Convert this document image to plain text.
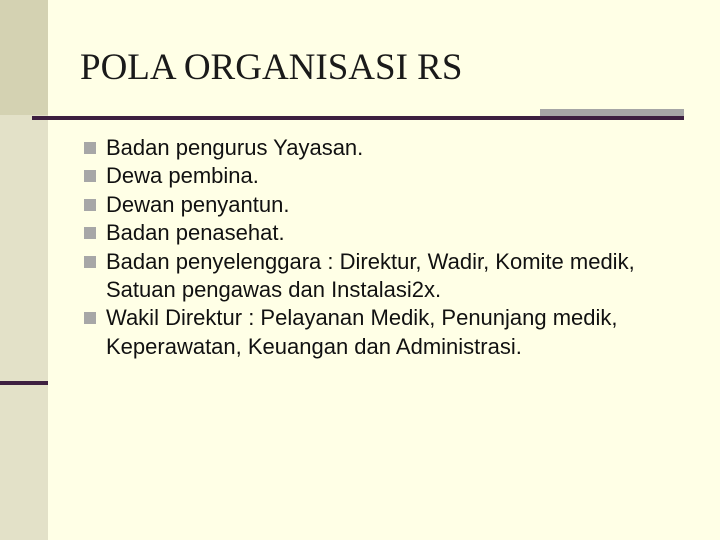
POLA ORGANISASI RS
Badan pengurus Yayasan.
Dewa pembina.
Dewan penyantun.
Badan penasehat.
Badan penyelenggara : Direktur, Wadir, Komite medik, Satuan pengawas dan Instalasi2x.
Wakil Direktur : Pelayanan Medik, Penunjang medik, Keperawatan, Keuangan dan Administrasi.
